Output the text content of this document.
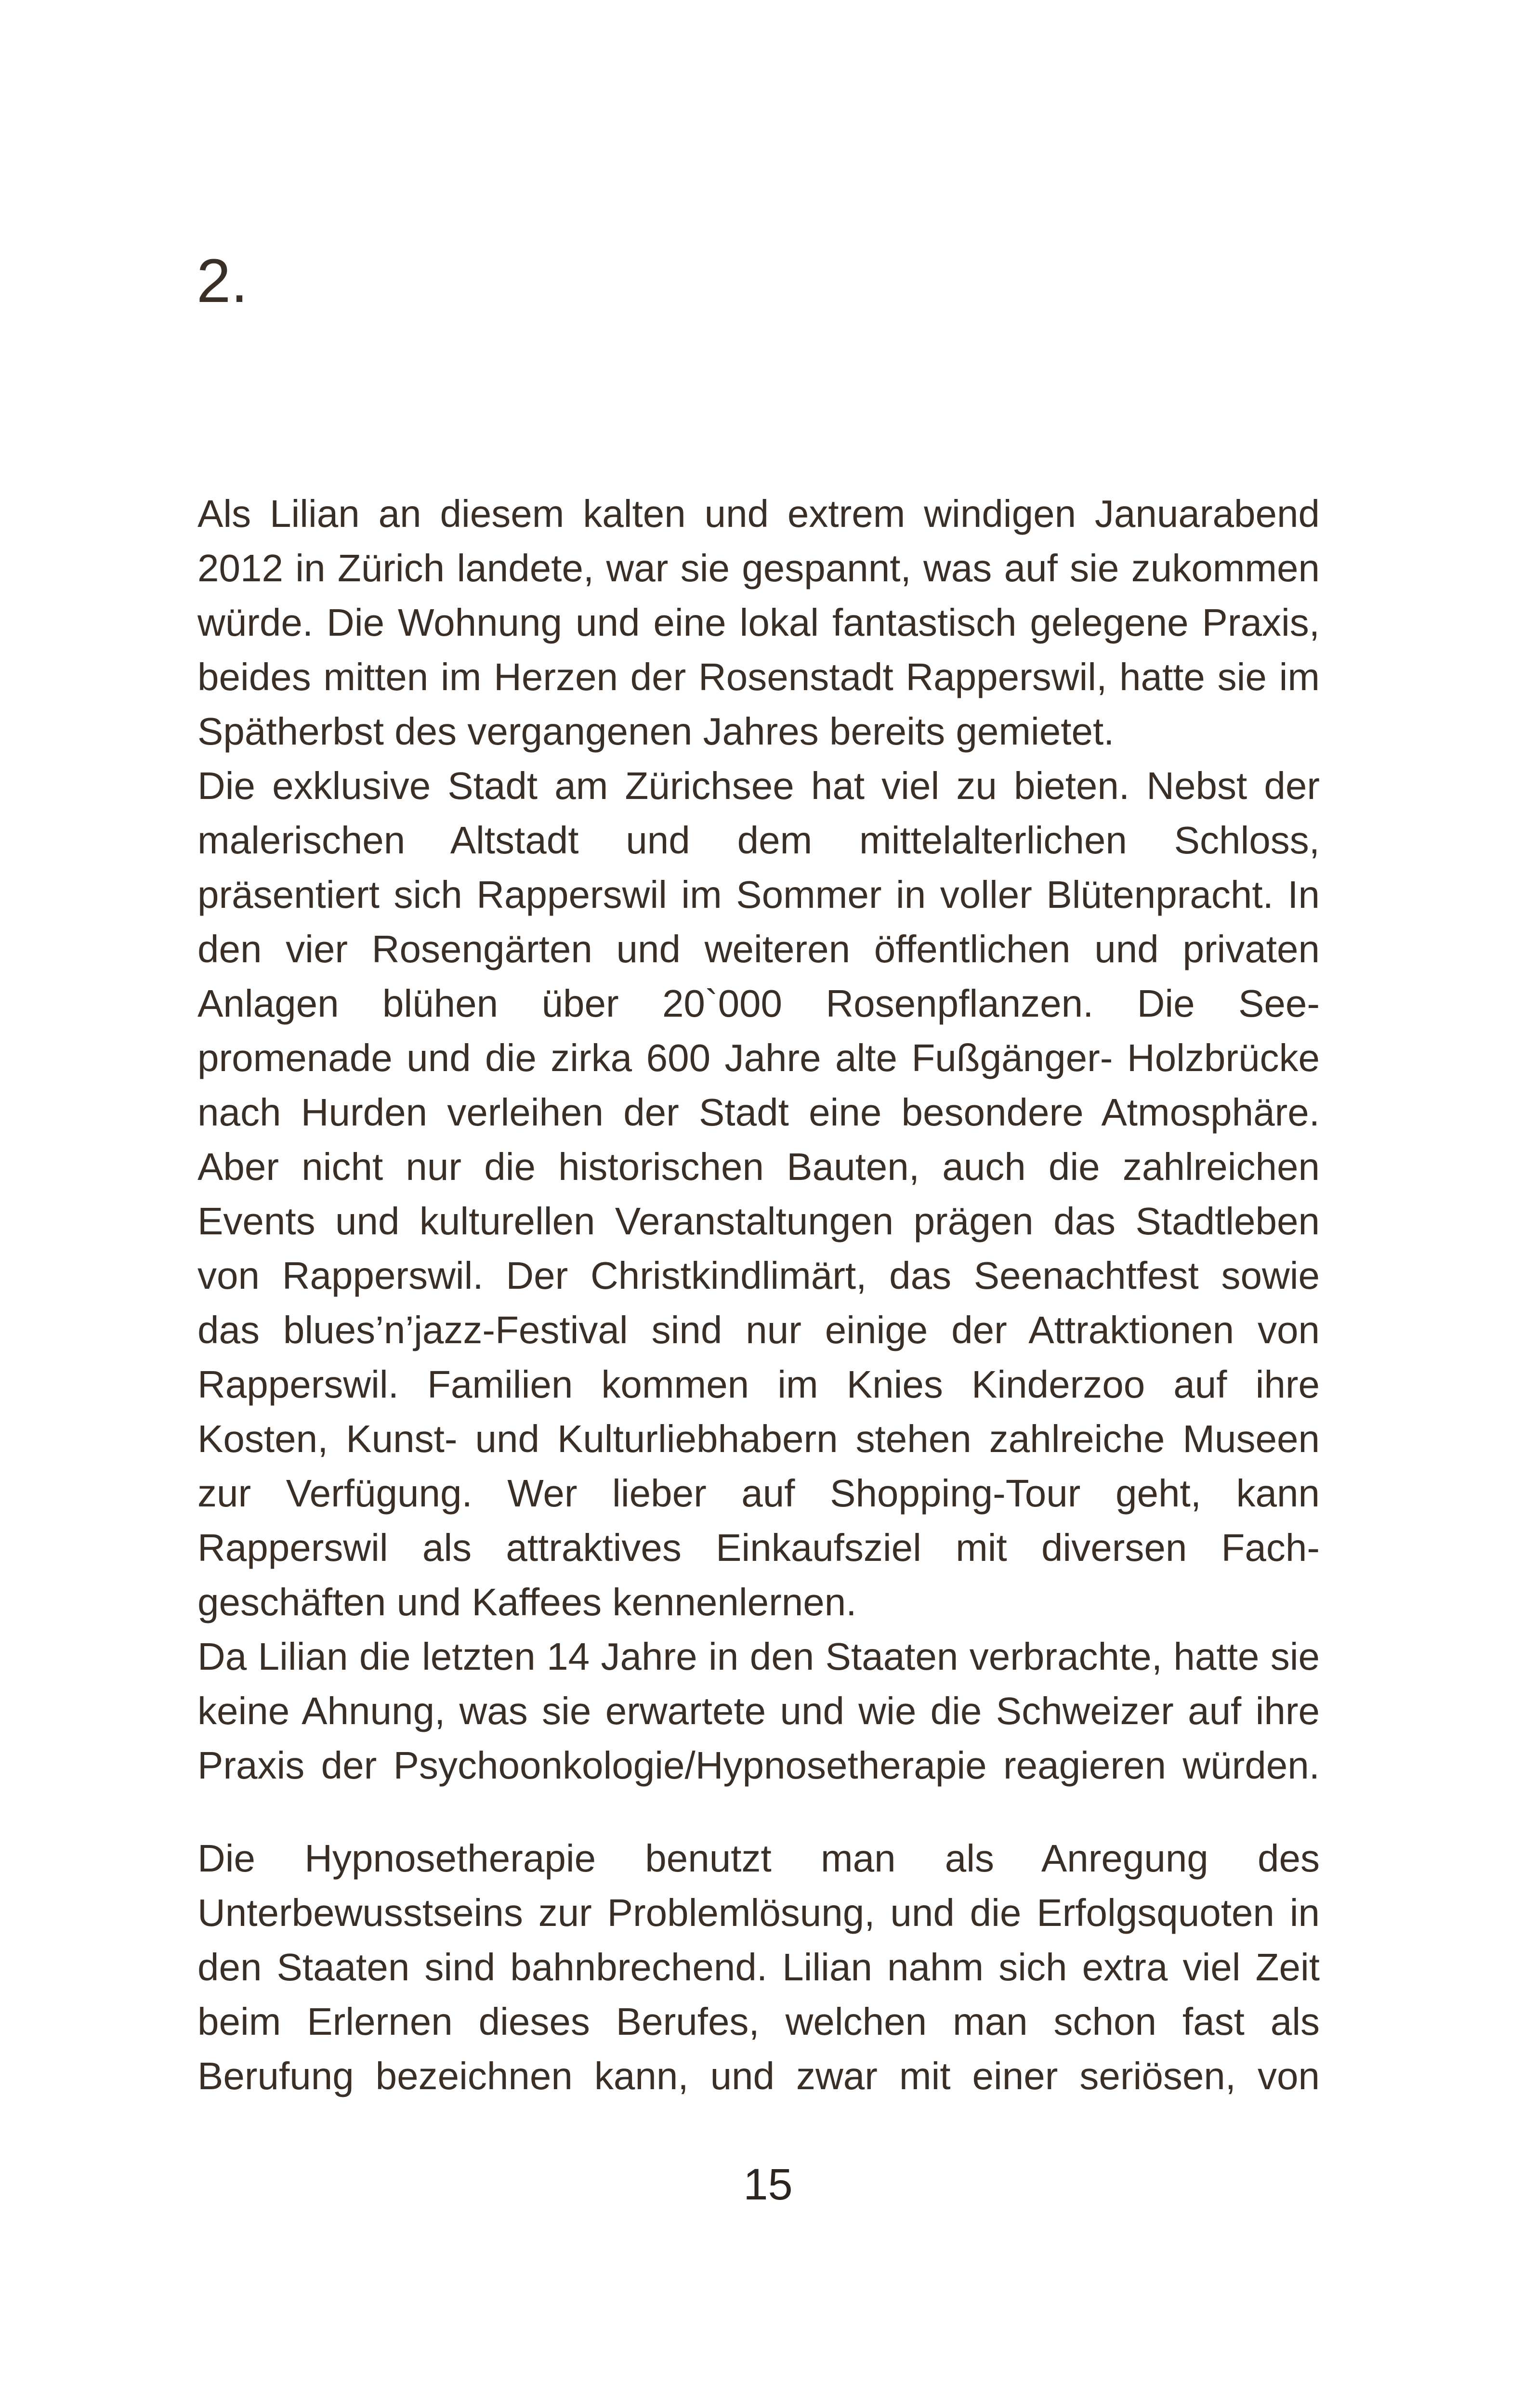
2.

Als Lilian an diesem kalten und extrem windigen Januarabend
2012 in Zürich landete, war sie gespannt, was auf sie zukommen
würde. Die Wohnung und eine lokal fantastisch gelegene Praxis,
beides mitten im Herzen der Rosenstadt Rapperswil, hatte sie im
Spätherbst des vergangenen Jahres bereits gemietet.
Die exklusive Stadt am Zürichsee hat viel zu bieten. Nebst der
malerischen Altstadt und dem mittelalterlichen Schloss,
präsentiert sich Rapperswil im Sommer in voller Blütenpracht. In
den vier Rosengärten und weiteren öffentlichen und privaten
Anlagen blühen über 20`000 Rosenpflanzen. Die See-
promenade und die zirka 600 Jahre alte Fußgänger- Holzbrücke
nach Hurden verleihen der Stadt eine besondere Atmosphäre.
Aber nicht nur die historischen Bauten, auch die zahlreichen
Events und kulturellen Veranstaltungen prägen das Stadtleben
von Rapperswil. Der Christkindlimärt, das Seenachtfest sowie
das blues’n’jazz-Festival sind nur einige der Attraktionen von
Rapperswil. Familien kommen im Knies Kinderzoo auf ihre
Kosten, Kunst- und Kulturliebhabern stehen zahlreiche Museen
zur Verfügung. Wer lieber auf Shopping-Tour geht, kann
Rapperswil als attraktives Einkaufsziel mit diversen Fach-
geschäften und Kaffees kennenlernen.
Da Lilian die letzten 14 Jahre in den Staaten verbrachte, hatte sie
keine Ahnung, was sie erwartete und wie die Schweizer auf ihre
Praxis der Psychoonkologie/Hypnosetherapie reagieren würden.

Die Hypnosetherapie benutzt man als Anregung des
Unterbewusstseins zur Problemlösung, und die Erfolgsquoten in
den Staaten sind bahnbrechend. Lilian nahm sich extra viel Zeit
beim Erlernen dieses Berufes, welchen man schon fast als
Berufung bezeichnen kann, und zwar mit einer seriösen, von

15
